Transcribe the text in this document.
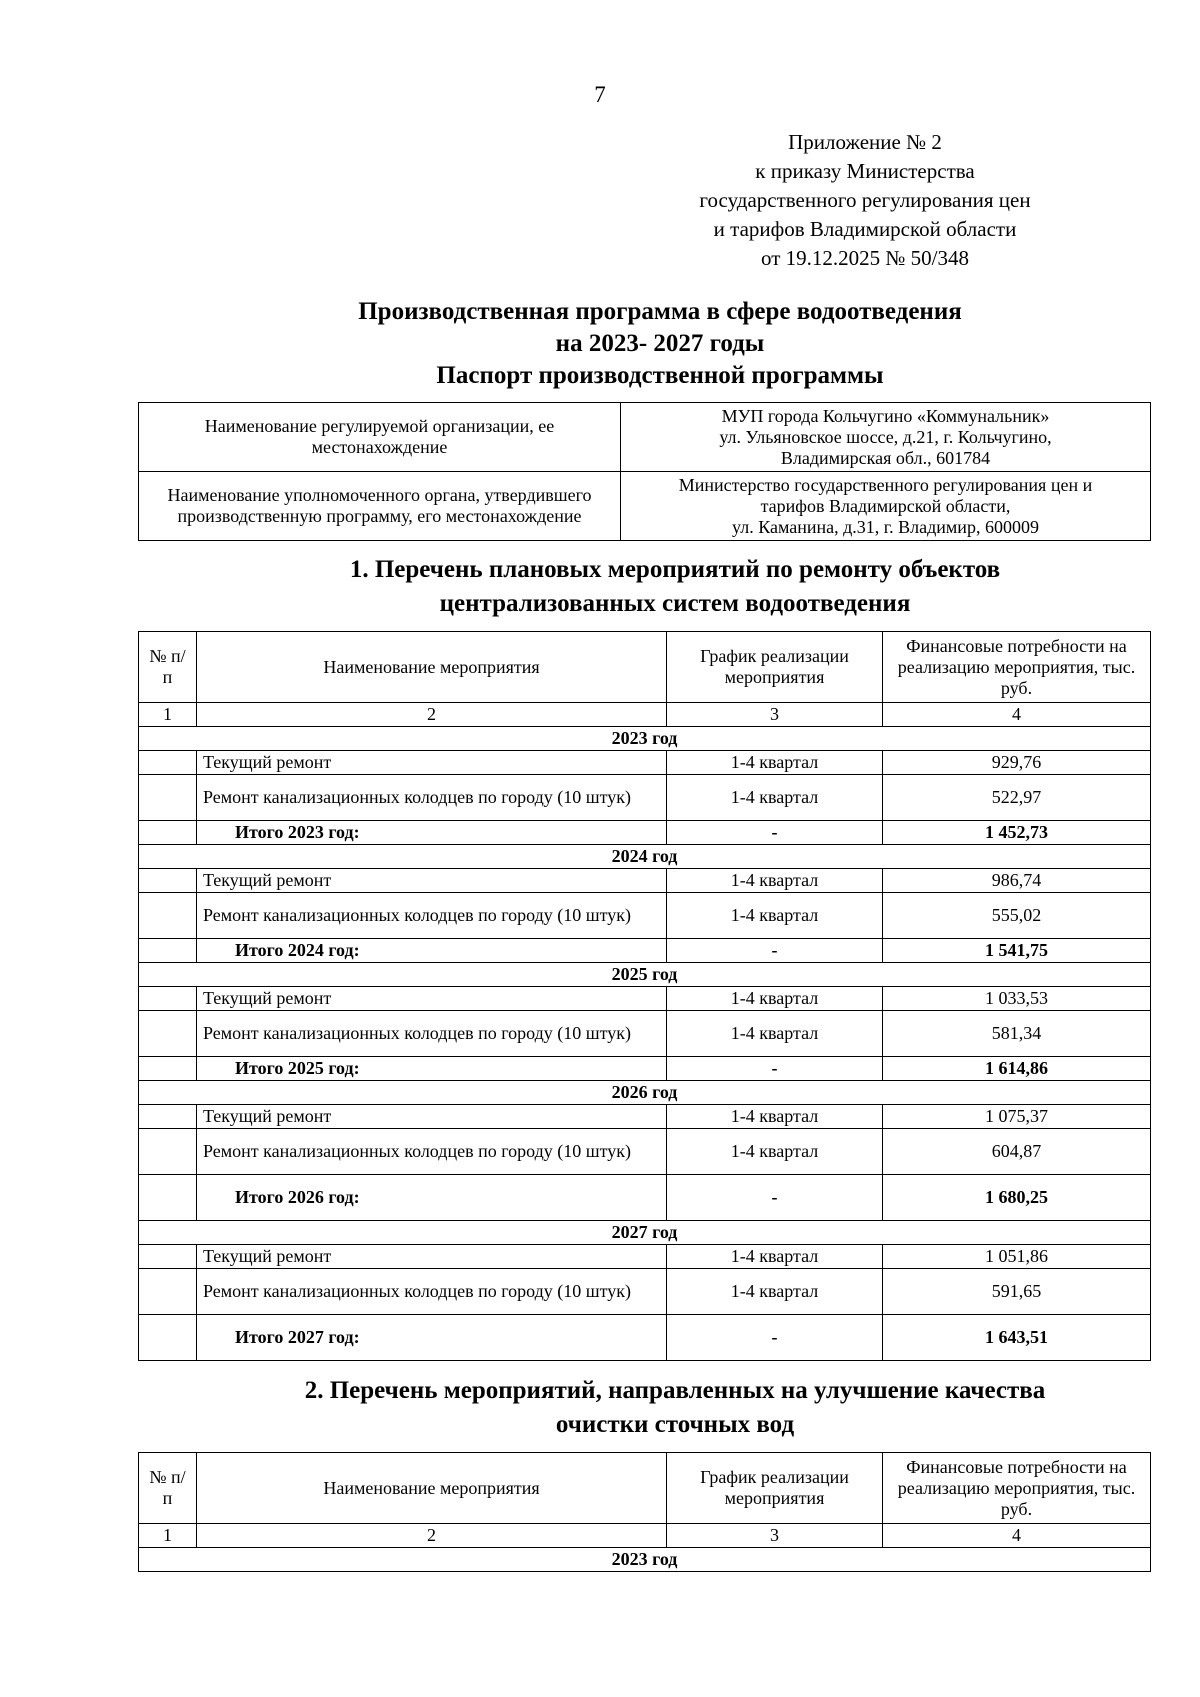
7
Приложение № 2
к приказу Министерства
государственного регулирования цен
и тарифов Владимирской области
от 19.12.2025 № 50/348
Производственная программа в сфере водоотведения
на 2023- 2027 годы
Паспорт производственной программы
Наименование регулируемой организации, ее местонахождение	МУП города Кольчугино «Коммунальник»
ул. Ульяновское шоссе, д.21, г. Кольчугино,
Владимирская обл., 601784

Наименование уполномоченного органа, утвердившего производственную программу, его местонахождение	Министерство государственного регулирования цен и
тарифов Владимирской области,
ул. Каманина, д.31, г. Владимир, 600009
1. Перечень плановых мероприятий по ремонту объектов
централизованных систем водоотведения
№ п/п	Наименование мероприятия	График реализации мероприятия	Финансовые потребности на реализацию мероприятия, тыс. руб.
1	2	3	4
2023 год			
	Текущий ремонт	1-4 квартал	929,76
	Ремонт канализационных колодцев по городу (10 штук)	1-4 квартал	522,97
	Итого 2023 год:	-	1 452,73
2024 год			
	Текущий ремонт	1-4 квартал	986,74
	Ремонт канализационных колодцев по городу (10 штук)	1-4 квартал	555,02
	Итого 2024 год:	-	1 541,75
2025 год			
	Текущий ремонт	1-4 квартал	1 033,53
	Ремонт канализационных колодцев по городу (10 штук)	1-4 квартал	581,34
	Итого 2025 год:	-	1 614,86
2026 год			
	Текущий ремонт	1-4 квартал	1 075,37
	Ремонт канализационных колодцев по городу (10 штук)	1-4 квартал	604,87
	Итого 2026 год:	-	1 680,25
2027 год			
	Текущий ремонт	1-4 квартал	1 051,86
	Ремонт канализационных колодцев по городу (10 штук)	1-4 квартал	591,65
	Итого 2027 год:	-	1 643,51
2. Перечень мероприятий, направленных на улучшение качества
очистки сточных вод
№ п/п	Наименование мероприятия	График реализации мероприятия	Финансовые потребности на реализацию мероприятия, тыс. руб.
1	2	3	4
2023 год			
